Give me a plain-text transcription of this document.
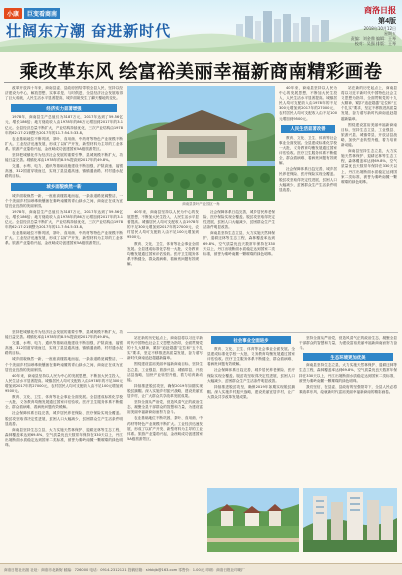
小康	巨变看商南
壮阔东方潮 奋进新时代
商洛日报
第4版
2018年10月12日
星期五
责编：刘金鼎 编辑：王琴
校对：吴强 排版：王琴
乘改革东风 绘富裕美丽幸福新商南精彩画卷

改革开放四十年来，商南县委、县政府团结带领全县人民，坚持以经济建设为中心，解放思想、实事求是、与时俱进，全县经济社会发展取得了巨大成就，人民生活水平显著提高，城乡面貌发生了翻天覆地的变化。

经济实力显著增强

1978年，商南县生产总值仅为3187万元，2017年达到了59.56亿元，增长186倍；地方财政收入由1978年的86万元增加到2017年的3.1亿元。全县经济总量不断扩大，产业结构持续优化，三次产业结构由1978年的62:17:21调整为2017年的11.7:54.5:33.8。

农业基础地位不断巩固，茶叶、食用菌、中药材等特色产业规模不断扩大。工业经济迅速发展，形成了以矿产开发、新型材料为主导的工业体系。旅游产业蓬勃兴起，金丝峡成功创建国家5A级旅游景区。

坚持把城镇化作为经济社会发展的重要引擎，县城规模不断扩大，功能日益完善。城镇化率由1978年的8.5%提高到2017年的49.8%。

交通、水利、电力、通讯等基础设施建设不断加强，沪陕高速、福银高速、312国道穿境而过，实现了县县通高速、镇镇通油路、村村通水泥路的目标。

城乡面貌焕然一新

城乡面貌焕然一新，一座座高楼拔地而起，一条条道路宽阔整洁，一个个美丽乡村如珍珠般镶嵌在秦岭南麓的青山绿水之间，商南正在成为宜居宜业宜游的美丽家园。

1978年，商南县生产总值仅为3187万元，2017年达到了59.56亿元，增长186倍；地方财政收入由1978年的86万元增加到2017年的3.1亿元。全县经济总量不断扩大，产业结构持续优化，三次产业结构由1978年的62:17:21调整为2017年的11.7:54.5:33.8。

农业基础地位不断巩固，茶叶、食用菌、中药材等特色产业规模不断扩大。工业经济迅速发展，形成了以矿产开发、新型材料为主导的工业体系。旅游产业蓬勃兴起，金丝峡成功创建国家5A级旅游景区。

商南县茶叶产业园区一角

40年来，商南县坚持以人民为中心的发展思想，不断加大民生投入，人民生活水平显著提高。城镇居民人均可支配收入由1978年的不足300元增加到2017年的27000元，农村居民人均可支配收入由不足100元增加到9500元。

教育、文化、卫生、体育等社会事业全面发展。全县建成标准化学校一大批，义务教育均衡发展通过国家评估验收。医疗卫生服务体系不断健全，群众看病难、看病贵问题有效缓解。

社会保障体系日趋完善，城乡居民养老保险、医疗保险实现全覆盖。脱贫攻坚取得决定性进展，贫困人口大幅减少，贫困群众生产生活条件明显改善。

商南县坚持生态立县，大力实施天然林保护、退耕还林等生态工程，森林覆盖率达到69.8%，空气质量优良天数常年保持在330天以上，丹江出境断面水质稳定达到国家二类标准，被誉为秦岭南麓一颗璀璨的绿色明珠。

40年来，商南县坚持以人民为中心的发展思想，不断加大民生投入，人民生活水平显著提高。城镇居民人均可支配收入由1978年的不足300元增加到2017年的27000元，农村居民人均可支配收入由不足100元增加到9500元。

人民生活显著改善

教育、文化、卫生、体育等社会事业全面发展。全县建成标准化学校一大批，义务教育均衡发展通过国家评估验收。医疗卫生服务体系不断健全，群众看病难、看病贵问题有效缓解。

社会保障体系日趋完善，城乡居民养老保险、医疗保险实现全覆盖。脱贫攻坚取得决定性进展，贫困人口大幅减少，贫困群众生产生活条件明显改善。

站在新的历史起点上，商南县将以习近平新时代中国特色社会主义思想为指导，全面贯彻党的十九大精神，紧扣“追赶超越”定位和“五个扎实”要求，坚定不移推进高质量发展，奋力谱写新时代商南追赶超越新篇章。

围绕建设富裕美丽幸福新商南目标，坚持生态立县、工业强县、旅游兴县、城镇带县、开放活县战略，加快产业转型升级，着力培育新动能。

商南县坚持生态立县，大力实施天然林保护、退耕还林等生态工程，森林覆盖率达到69.8%，空气质量优良天数常年保持在330天以上，丹江出境断面水质稳定达到国家二类标准，被誉为秦岭南麓一颗璀璨的绿色明珠。

坚持把城镇化作为经济社会发展的重要引擎，县城规模不断扩大，功能日益完善。城镇化率由1978年的8.5%提高到2017年的49.8%。

交通、水利、电力、通讯等基础设施建设不断加强，沪陕高速、福银高速、312国道穿境而过，实现了县县通高速、镇镇通油路、村村通水泥路的目标。

城乡面貌焕然一新，一座座高楼拔地而起，一条条道路宽阔整洁，一个个美丽乡村如珍珠般镶嵌在秦岭南麓的青山绿水之间，商南正在成为宜居宜业宜游的美丽家园。

40年来，商南县坚持以人民为中心的发展思想，不断加大民生投入，人民生活水平显著提高。城镇居民人均可支配收入由1978年的不足300元增加到2017年的27000元，农村居民人均可支配收入由不足100元增加到9500元。

教育、文化、卫生、体育等社会事业全面发展。全县建成标准化学校一大批，义务教育均衡发展通过国家评估验收。医疗卫生服务体系不断健全，群众看病难、看病贵问题有效缓解。

社会保障体系日趋完善，城乡居民养老保险、医疗保险实现全覆盖。脱贫攻坚取得决定性进展，贫困人口大幅减少，贫困群众生产生活条件明显改善。

商南县坚持生态立县，大力实施天然林保护、退耕还林等生态工程，森林覆盖率达到69.8%，空气质量优良天数常年保持在330天以上，丹江出境断面水质稳定达到国家二类标准，被誉为秦岭南麓一颗璀璨的绿色明珠。

站在新的历史起点上，商南县将以习近平新时代中国特色社会主义思想为指导，全面贯彻党的十九大精神，紧扣“追赶超越”定位和“五个扎实”要求，坚定不移推进高质量发展，奋力谱写新时代商南追赶超越新篇章。

围绕建设富裕美丽幸福新商南目标，坚持生态立县、工业强县、旅游兴县、城镇带县、开放活县战略，加快产业转型升级，着力培育新动能。

持续推进脱贫攻坚，确保2019年如期实现脱贫摘帽。深入实施乡村振兴战略，建设美丽宜居乡村，让广大群众共享改革发展成果。

坚持全面从严治党，营造风清气正的政治生态，凝聚全县干部群众的智慧和力量，为建设富裕美丽幸福新商南而努力奋斗。

农业基础地位不断巩固，茶叶、食用菌、中药材等特色产业规模不断扩大。工业经济迅速发展，形成了以矿产开发、新型材料为主导的工业体系。旅游产业蓬勃兴起，金丝峡成功创建国家5A级旅游景区。

社会事业全面进步

教育、文化、卫生、体育等社会事业全面发展。全县建成标准化学校一大批，义务教育均衡发展通过国家评估验收。医疗卫生服务体系不断健全，群众看病难、看病贵问题有效缓解。

社会保障体系日趋完善，城乡居民养老保险、医疗保险实现全覆盖。脱贫攻坚取得决定性进展，贫困人口大幅减少，贫困群众生产生活条件明显改善。

持续推进脱贫攻坚，确保2019年如期实现脱贫摘帽。深入实施乡村振兴战略，建设美丽宜居乡村，让广大群众共享改革发展成果。

坚持全面从严治党，营造风清气正的政治生态，凝聚全县干部群众的智慧和力量，为建设富裕美丽幸福新商南而努力奋斗。

生态环境更加优美

商南县坚持生态立县，大力实施天然林保护、退耕还林等生态工程，森林覆盖率达到69.8%，空气质量优良天数常年保持在330天以上，丹江出境断面水质稳定达到国家二类标准，被誉为秦岭南麓一颗璀璨的绿色明珠。

我们坚信，在县委、县政府的坚强领导下，全县人民必将乘改革东风，绘就新时代富裕美丽幸福新商南的精彩画卷。

商洛日报社出版 社址：商洛市北新街 邮编：726000 电话：0914-2312121 投稿信箱：slrbbjb@163.com 零售价：1.00元 印刷：商洛日报社印刷厂
